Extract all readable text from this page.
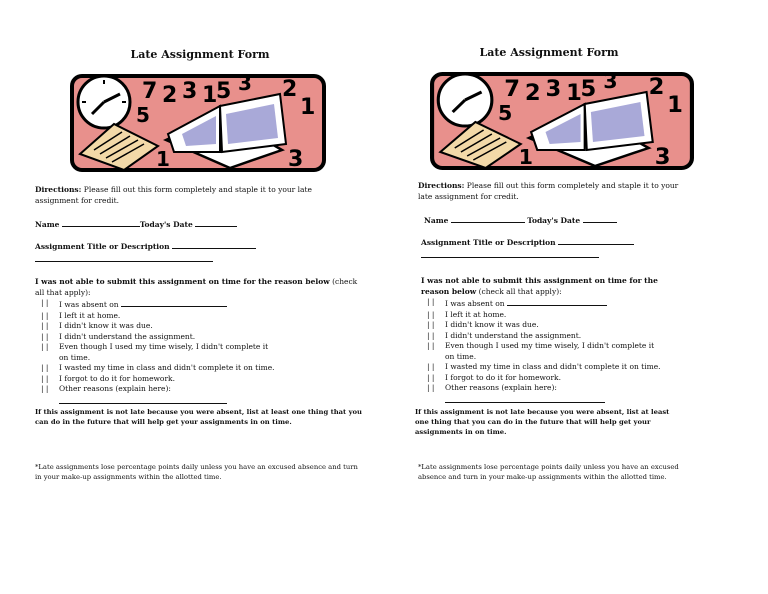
Late Assignment Form
7 2 3 1
5 3 2
1
5
1	3
Directions: Please fill out this form completely and staple it to your late assignment for credit.
Name	Today's Date
Assignment Title or Description
I was not able to submit this assignment on time for the reason below (check all that apply):
| | I was absent on
| | I left it at home.
| | I didn't know it was due.
| | I didn't understand the assignment.
| | Even though I used my time wisely, I didn't complete it
on time.
| | I wasted my time in class and didn't complete it on time.
| | I forgot to do it for homework.
| | Other reasons (explain here):
If this assignment is not late because you were absent, list at least one thing that you can do in the future that will help get your assignments in on time.
*Late assignments lose percentage points daily unless you have an excused absence and turn in your make-up assignments within the allotted time.
Late Assignment Form
7 2 3 1
5 3 2
1
5
1	3
Directions: Please fill out this form completely and staple it to your late assignment for credit.
Name	Today's Date
Assignment Title or Description
I was not able to submit this assignment on time for the reason below (check all that apply):
| | I was absent on
| | I left it at home.
| | I didn't know it was due.
| | I didn't understand the assignment.
| | Even though I used my time wisely, I didn't complete it
on time.
| | I wasted my time in class and didn't complete it on time.
| | I forgot to do it for homework.
| | Other reasons (explain here):
If this assignment is not late because you were absent, list at least one thing that you can do in the future that will help get your assignments in on time.
*Late assignments lose percentage points daily unless you have an excused absence and turn in your make-up assignments within the allotted time.
